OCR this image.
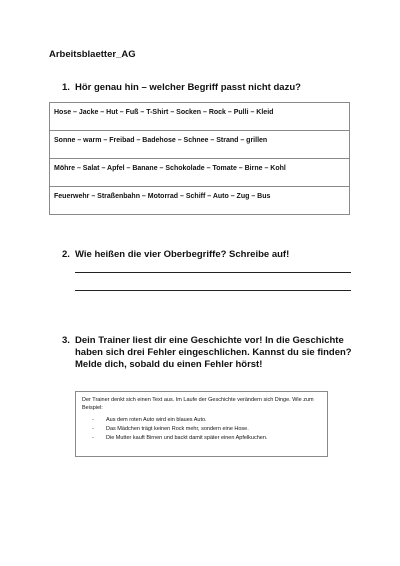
Arbeitsblaetter_AG
1. Hör genau hin – welcher Begriff passt nicht dazu?
Hose – Jacke – Hut – Fuß – T-Shirt – Socken – Rock – Pulli – Kleid
Sonne – warm – Freibad – Badehose – Schnee – Strand – grillen
Möhre – Salat – Apfel – Banane – Schokolade – Tomate – Birne – Kohl
Feuerwehr – Straßenbahn – Motorrad – Schiff – Auto – Zug – Bus
2. Wie heißen die vier Oberbegriffe? Schreibe auf!
3. Dein Trainer liest dir eine Geschichte vor! In die Geschichte haben sich drei Fehler eingeschlichen. Kannst du sie finden? Melde dich, sobald du einen Fehler hörst!
Der Trainer denkt sich einen Text aus. Im Laufe der Geschichte verändern sich Dinge. Wie zum Beispiel:
- Aus dem roten Auto wird ein blaues Auto.
- Das Mädchen trägt keinen Rock mehr, sondern eine Hose.
- Die Mutter kauft Birnen und backt damit später einen Apfelkuchen.
